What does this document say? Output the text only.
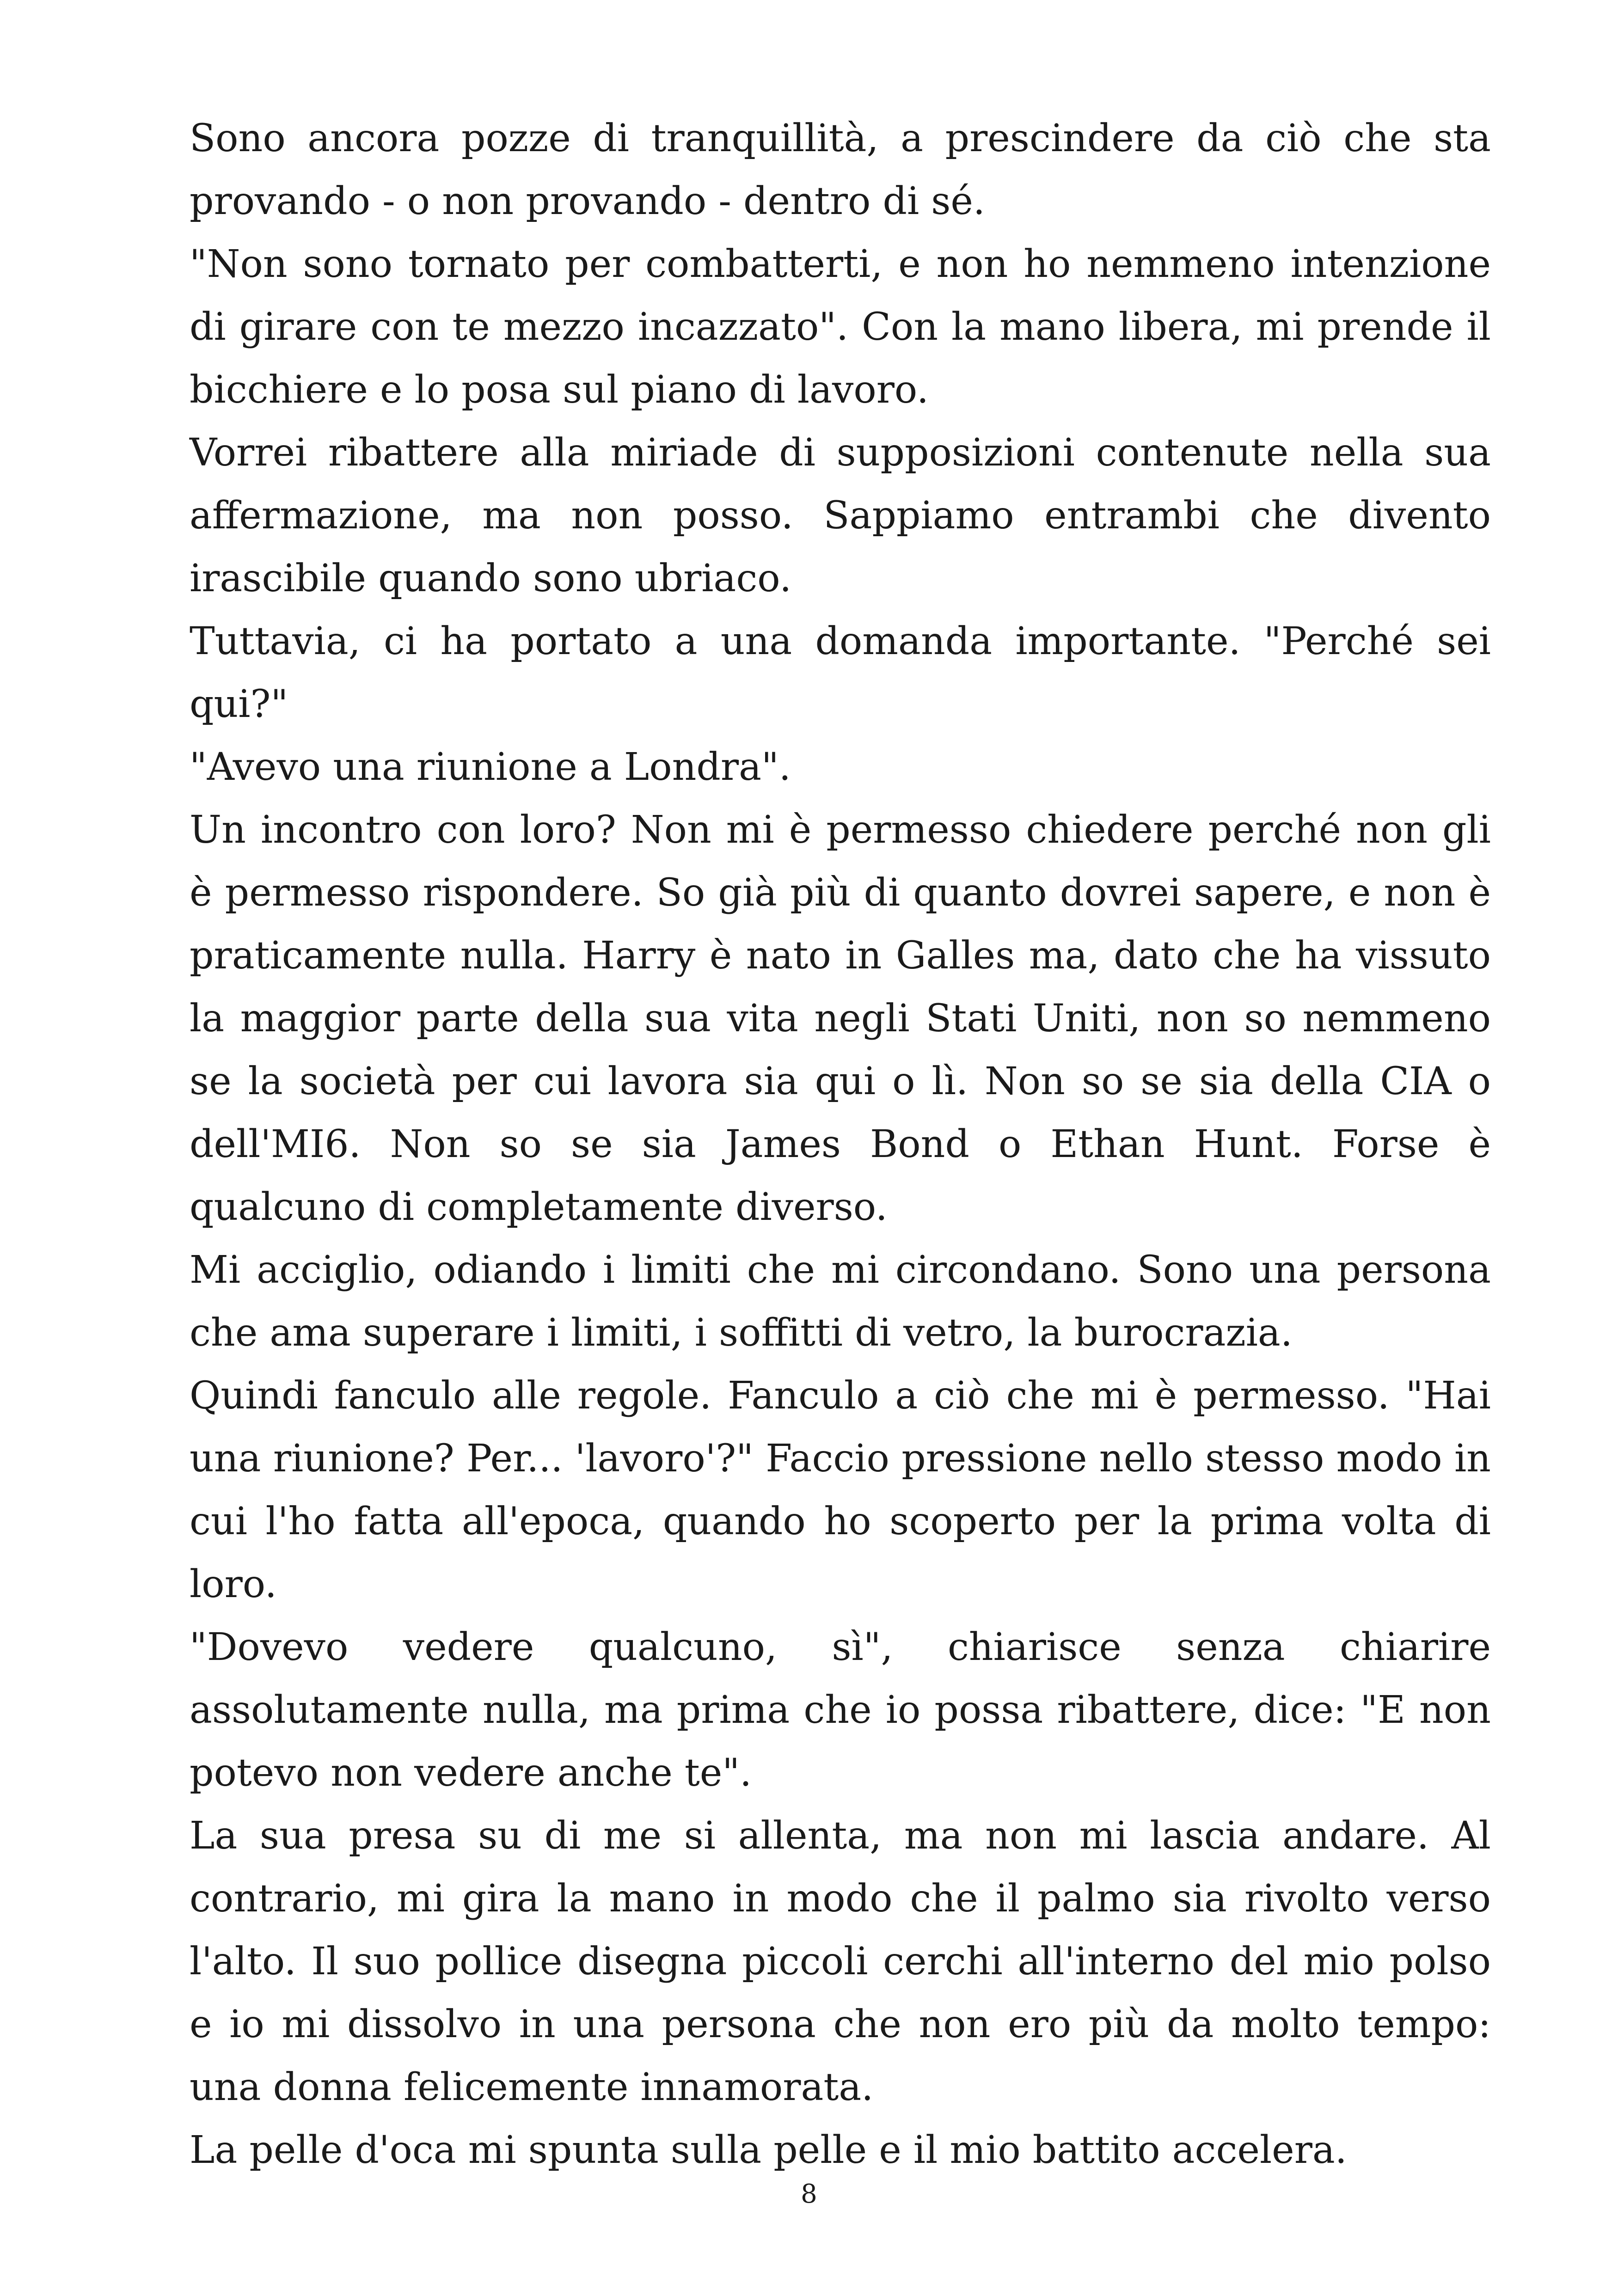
Sono ancora pozze di tranquillità, a prescindere da ciò che sta provando - o non provando - dentro di sé.

"Non sono tornato per combatterti, e non ho nemmeno intenzione di girare con te mezzo incazzato". Con la mano libera, mi prende il bicchiere e lo posa sul piano di lavoro.

Vorrei ribattere alla miriade di supposizioni contenute nella sua affermazione, ma non posso. Sappiamo entrambi che divento irascibile quando sono ubriaco.

Tuttavia, ci ha portato a una domanda importante. "Perché sei qui?"

"Avevo una riunione a Londra".

Un incontro con loro? Non mi è permesso chiedere perché non gli è permesso rispondere. So già più di quanto dovrei sapere, e non è praticamente nulla. Harry è nato in Galles ma, dato che ha vissuto la maggior parte della sua vita negli Stati Uniti, non so nemmeno se la società per cui lavora sia qui o lì. Non so se sia della CIA o dell'MI6. Non so se sia James Bond o Ethan Hunt. Forse è qualcuno di completamente diverso.

Mi acciglio, odiando i limiti che mi circondano. Sono una persona che ama superare i limiti, i soffitti di vetro, la burocrazia.

Quindi fanculo alle regole. Fanculo a ciò che mi è permesso. "Hai una riunione? Per... 'lavoro'?" Faccio pressione nello stesso modo in cui l'ho fatta all'epoca, quando ho scoperto per la prima volta di loro.

"Dovevo vedere qualcuno, sì", chiarisce senza chiarire assolutamente nulla, ma prima che io possa ribattere, dice: "E non potevo non vedere anche te".

La sua presa su di me si allenta, ma non mi lascia andare. Al contrario, mi gira la mano in modo che il palmo sia rivolto verso l'alto. Il suo pollice disegna piccoli cerchi all'interno del mio polso e io mi dissolvo in una persona che non ero più da molto tempo: una donna felicemente innamorata.

La pelle d'oca mi spunta sulla pelle e il mio battito accelera.

8
